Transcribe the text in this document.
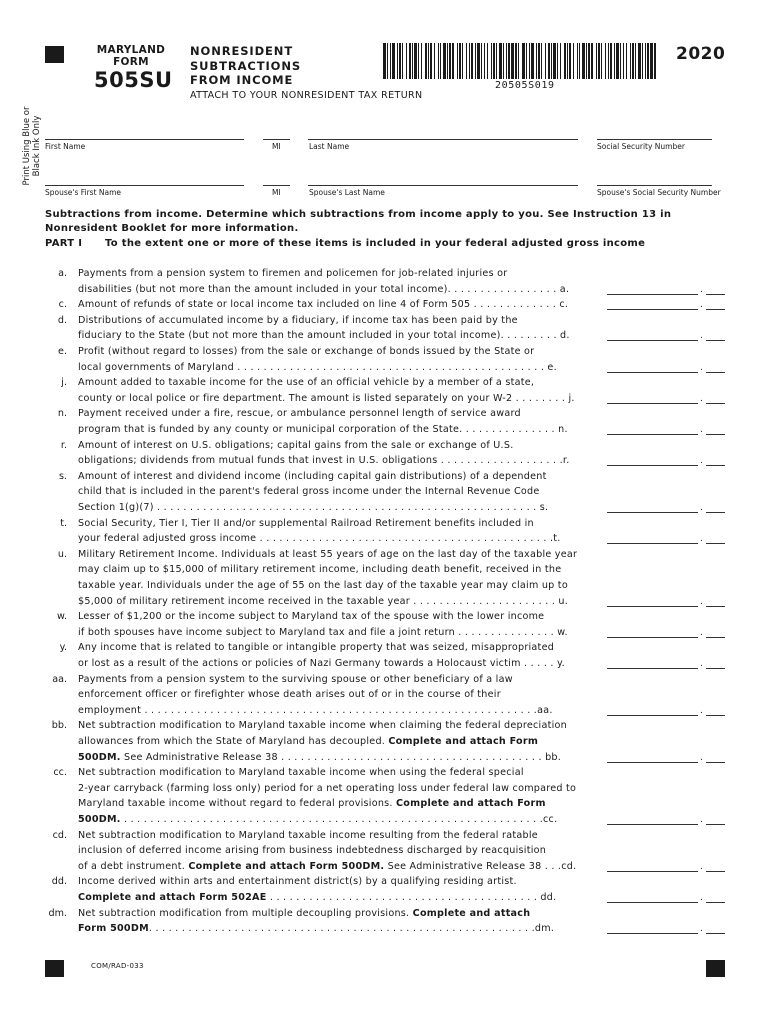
MARYLAND
FORM
505SU
NONRESIDENT
SUBTRACTIONS
FROM INCOME
ATTACH TO YOUR NONRESIDENT TAX RETURN
20505S019
2020
Print Using Blue or Black Ink Only First Name	MI	Last Name	Social Security Number
Spouse's First Name	MI	Spouse's Last Name	Spouse's Social Security Number
Subtractions from income. Determine which subtractions from income apply to you. See Instruction 13 in
Nonresident Booklet for more information.
PART I To the extent one or more of these items is included in your federal adjusted gross income
a. Payments from a pension system to firemen and policemen for job-related injuries or
disabilities (but not more than the amount included in your total income). . . . . . . . . . . . . . . . . a.	.
c. Amount of refunds of state or local income tax included on line 4 of Form 505 . . . . . . . . . . . . . c.	.
d. Distributions of accumulated income by a fiduciary, if income tax has been paid by the
fiduciary to the State (but not more than the amount included in your total income). . . . . . . . . d.	.
e. Profit (without regard to losses) from the sale or exchange of bonds issued by the State or
local governments of Maryland . . . . . . . . . . . . . . . . . . . . . . . . . . . . . . . . . . . . . . . . . . . . . . . e.	.
j. Amount added to taxable income for the use of an official vehicle by a member of a state,
county or local police or fire department. The amount is listed separately on your W-2 . . . . . . . . j.	.
n. Payment received under a fire, rescue, or ambulance personnel length of service award
program that is funded by any county or municipal corporation of the State. . . . . . . . . . . . . . . n.	.
r. Amount of interest on U.S. obligations; capital gains from the sale or exchange of U.S.
obligations; dividends from mutual funds that invest in U.S. obligations . . . . . . . . . . . . . . . . . . .r.	.
s. Amount of interest and dividend income (including capital gain distributions) of a dependent
child that is included in the parent's federal gross income under the Internal Revenue Code
Section 1(g)(7) . . . . . . . . . . . . . . . . . . . . . . . . . . . . . . . . . . . . . . . . . . . . . . . . . . . . . . . . . . s.	.
t. Social Security, Tier I, Tier II and/or supplemental Railroad Retirement benefits included in
your federal adjusted gross income . . . . . . . . . . . . . . . . . . . . . . . . . . . . . . . . . . . . . . . . . . . . .t.	.
u. Military Retirement Income. Individuals at least 55 years of age on the last day of the taxable year
may claim up to $15,000 of military retirement income, including death benefit, received in the
taxable year. Individuals under the age of 55 on the last day of the taxable year may claim up to
$5,000 of military retirement income received in the taxable year . . . . . . . . . . . . . . . . . . . . . . u.	.
w. Lesser of $1,200 or the income subject to Maryland tax of the spouse with the lower income
if both spouses have income subject to Maryland tax and file a joint return . . . . . . . . . . . . . . . w.	.
y. Any income that is related to tangible or intangible property that was seized, misappropriated
or lost as a result of the actions or policies of Nazi Germany towards a Holocaust victim . . . . . y.	.
aa. Payments from a pension system to the surviving spouse or other beneficiary of a law
enforcement officer or firefighter whose death arises out of or in the course of their
employment . . . . . . . . . . . . . . . . . . . . . . . . . . . . . . . . . . . . . . . . . . . . . . . . . . . . . . . . . . . .aa.	.
bb. Net subtraction modification to Maryland taxable income when claiming the federal depreciation
allowances from which the State of Maryland has decoupled. Complete and attach Form
500DM. See Administrative Release 38 . . . . . . . . . . . . . . . . . . . . . . . . . . . . . . . . . . . . . . . . bb.	.
cc. Net subtraction modification to Maryland taxable income when using the federal special
2-year carryback (farming loss only) period for a net operating loss under federal law compared to
Maryland taxable income without regard to federal provisions. Complete and attach Form
500DM. . . . . . . . . . . . . . . . . . . . . . . . . . . . . . . . . . . . . . . . . . . . . . . . . . . . . . . . . . . . . . . . .cc.	.
cd. Net subtraction modification to Maryland taxable income resulting from the federal ratable
inclusion of deferred income arising from business indebtedness discharged by reacquisition
of a debt instrument. Complete and attach Form 500DM. See Administrative Release 38 . . .cd.	.
dd. Income derived within arts and entertainment district(s) by a qualifying residing artist.
Complete and attach Form 502AE . . . . . . . . . . . . . . . . . . . . . . . . . . . . . . . . . . . . . . . . . dd.	.
dm. Net subtraction modification from multiple decoupling provisions. Complete and attach
Form 500DM. . . . . . . . . . . . . . . . . . . . . . . . . . . . . . . . . . . . . . . . . . . . . . . . . . . . . . . . . . .dm.	.
COM/RAD-033
